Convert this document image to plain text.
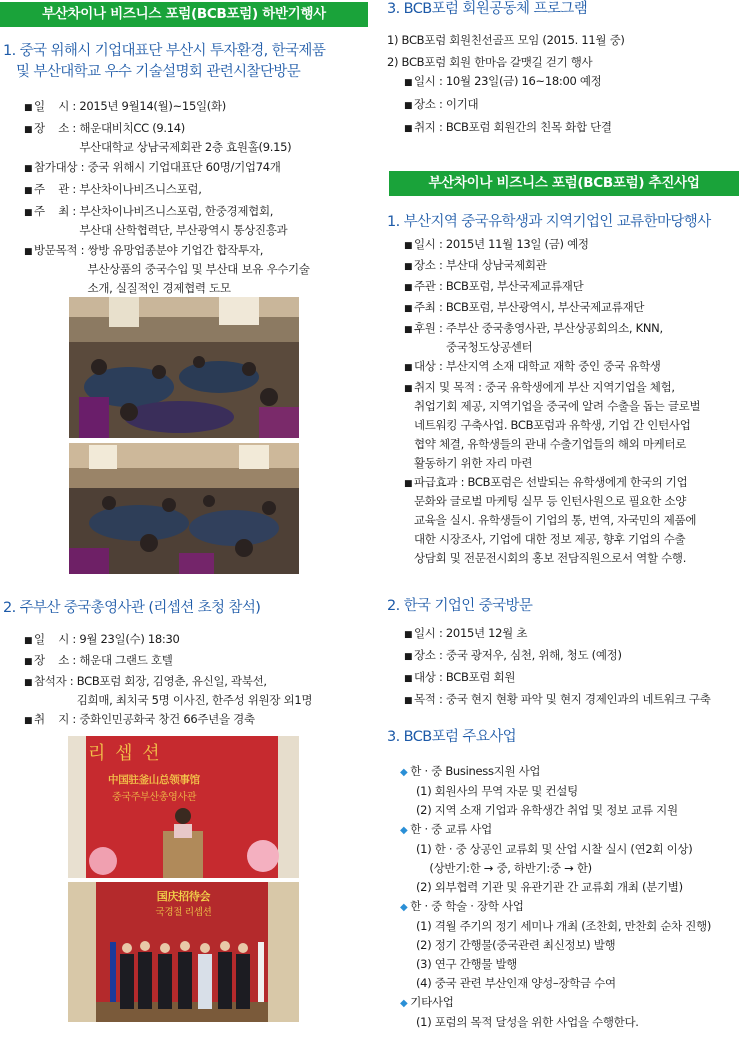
부산차이나 비즈니스 포럼(BCB포럼) 하반기행사
1. 중국 위해시 기업대표단 부산시 투자환경, 한국제품
및 부산대학교 우수 기술설명회 관련시찰단방문
■
일    시 : 2015년 9월14(월)~15일(화)
■
장    소 : 해운대비치CC (9.14)
부산대학교 상남국제회관 2층 효원홀(9.15)
■
참가대상 : 중국 위해시 기업대표단 60명/기업74개
■
주    관 : 부산차이나비즈니스포럼,
■
주    최 : 부산차이나비즈니스포럼, 한중경제협회,
부산대 산학협력단, 부산광역시 통상진흥과
■
방문목적 : 쌍방 유망업종분야 기업간 합작투자,
부산상품의 중국수입 및 부산대 보유 우수기술
소개, 실질적인 경제협력 도모
2. 주부산 중국총영사관 (리셉션 초청 참석)
■
일    시 : 9월 23일(수) 18:30
■
장    소 : 해운대 그랜드 호텔
■
참석자 : BCB포럼 회장, 김영춘, 유신일, 곽북선,
김희매, 최치국 5명 이사진, 한주성 위원장 외1명
■
취    지 : 중화인민공화국 창건 66주년을 경축
리 셉 션
中国驻釜山总领事馆
중국주부산총영사관
国庆招待会
국경절 리셉션
3. BCB포럼 회원공동체 프로그램
1) BCB포럼 회원친선골프 모임 (2015. 11월 중)
2) BCB포럼 회원 한마음 갈맷길 걷기 행사
■
일시 : 10월 23일(금) 16~18:00 예정
■
장소 : 이기대
■
취지 : BCB포럼 회원간의 친목 화합 단결
부산차이나 비즈니스 포럼(BCB포럼) 추진사업
1. 부산지역 중국유학생과 지역기업인 교류한마당행사
■
일시 : 2015년 11월 13일 (금) 예정
■
장소 : 부산대 상남국제회관
■
주관 : BCB포럼, 부산국제교류재단
■
주최 : BCB포럼, 부산광역시, 부산국제교류재단
■
후원 : 주부산 중국총영사관, 부산상공회의소, KNN,
중국청도상공센터
■
대상 : 부산지역 소재 대학교 재학 중인 중국 유학생
■
취지 및 목적 : 중국 유학생에게 부산 지역기업을 체험,
취업기회 제공, 지역기업을 중국에 알려 수출을 돕는 글로벌
네트워킹 구축사업. BCB포럼과 유학생, 기업 간 인턴사업
협약 체결, 유학생들의 관내 수출기업들의 해외 마케터로
활동하기 위한 자리 마련
■
파급효과 : BCB포럼은 선발되는 유학생에게 한국의 기업
문화와 글로벌 마케팅 실무 등 인턴사원으로 필요한 소양
교육을 실시. 유학생들이 기업의 통, 번역, 자국민의 제품에
대한 시장조사, 기업에 대한 정보 제공, 향후 기업의 수출
상담회 및 전문전시회의 홍보 전담직원으로서 역할 수행.
2. 한국 기업인 중국방문
■
일시 : 2015년 12월 초
■
장소 : 중국 광저우, 심천, 위해, 청도 (예정)
■
대상 : BCB포럼 회원
■
목적 : 중국 현지 현황 파악 및 현지 경제인과의 네트워크 구축
3. BCB포럼 주요사업
◆ 한 · 중 Business지원 사업
(1) 회원사의 무역 자문 및 컨설팅
(2) 지역 소재 기업과 유학생간 취업 및 정보 교류 지원
◆ 한 · 중 교류 사업
(1) 한 · 중 상공인 교류회 및 산업 시찰 실시 (연2회 이상)
(상반기:한 → 중, 하반기:중 → 한)
(2) 외부협력 기관 및 유관기관 간 교류회 개최 (분기별)
◆ 한 · 중 학술 · 장학 사업
(1) 격월 주기의 정기 세미나 개최 (조찬회, 만찬회 순차 진행)
(2) 정기 간행물(중국관련 최신정보) 발행
(3) 연구 간행물 발행
(4) 중국 관련 부산인재 양성–장학금 수여
◆ 기타사업
(1) 포럼의 목적 달성을 위한 사업을 수행한다.
